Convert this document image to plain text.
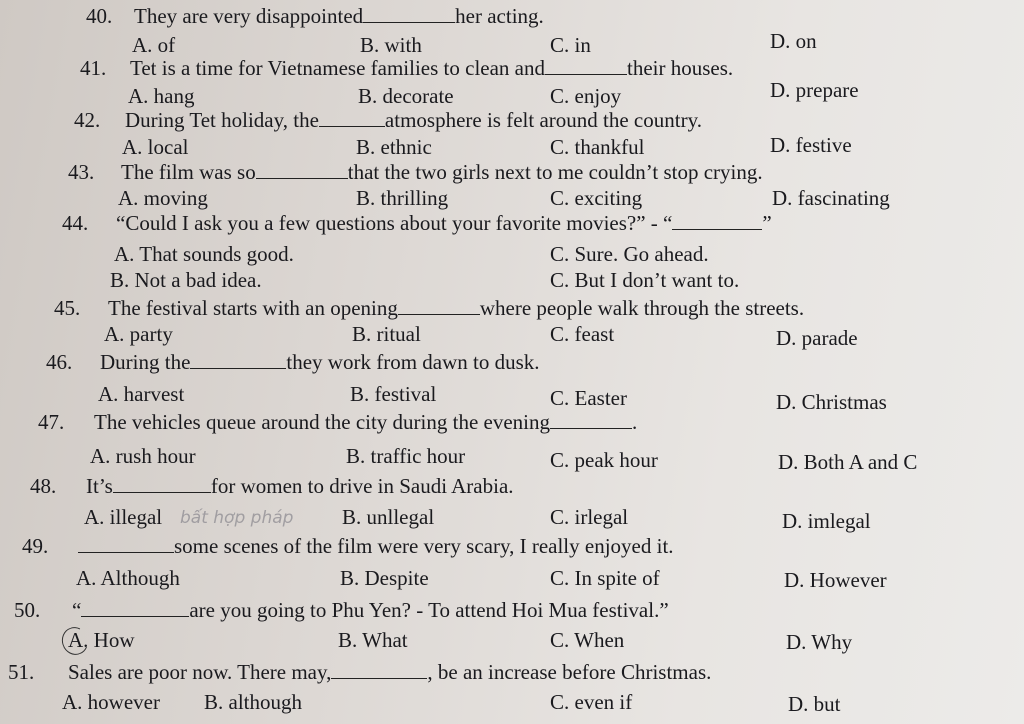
40. They are very disappointed	her acting.
A. of	B. with	C. in	D. on
41. Tet is a time for Vietnamese families to clean and	their houses.
A. hang	B. decorate	C. enjoy	D. prepare
42. During Tet holiday, the	atmosphere is felt around the country.
A. local	B. ethnic	C. thankful	D. festive
43. The film was so	that the two girls next to me couldn’t stop crying.
A. moving	B. thrilling	C. exciting	D. fascinating
44. “Could I ask you a few questions about your favorite movies?” - “	”
A. That sounds good.	C. Sure. Go ahead.
B. Not a bad idea.	C. But I don’t want to.
45. The festival starts with an opening	where people walk through the streets.
A. party	B. ritual	C. feast	D. parade
46. During the	they work from dawn to dusk.
A. harvest	B. festival	C. Easter	D. Christmas
47. The vehicles queue around the city during the evening	.
A. rush hour	B. traffic hour	C. peak hour	D. Both A and C
48. It’s	for women to drive in Saudi Arabia.
A. illegal	B. unllegal	C. irlegal	D. imlegal
bất hợp pháp
49.	some scenes of the film were very scary, I really enjoyed it.
A. Although	B. Despite	C. In spite of	D. However
50. “	are you going to Phu Yen? - To attend Hoi Mua festival.”
A. How	B. What	C. When	D. Why
51. Sales are poor now. There may,	, be an increase before Christmas.
A. however B. although	C. even if	D. but
